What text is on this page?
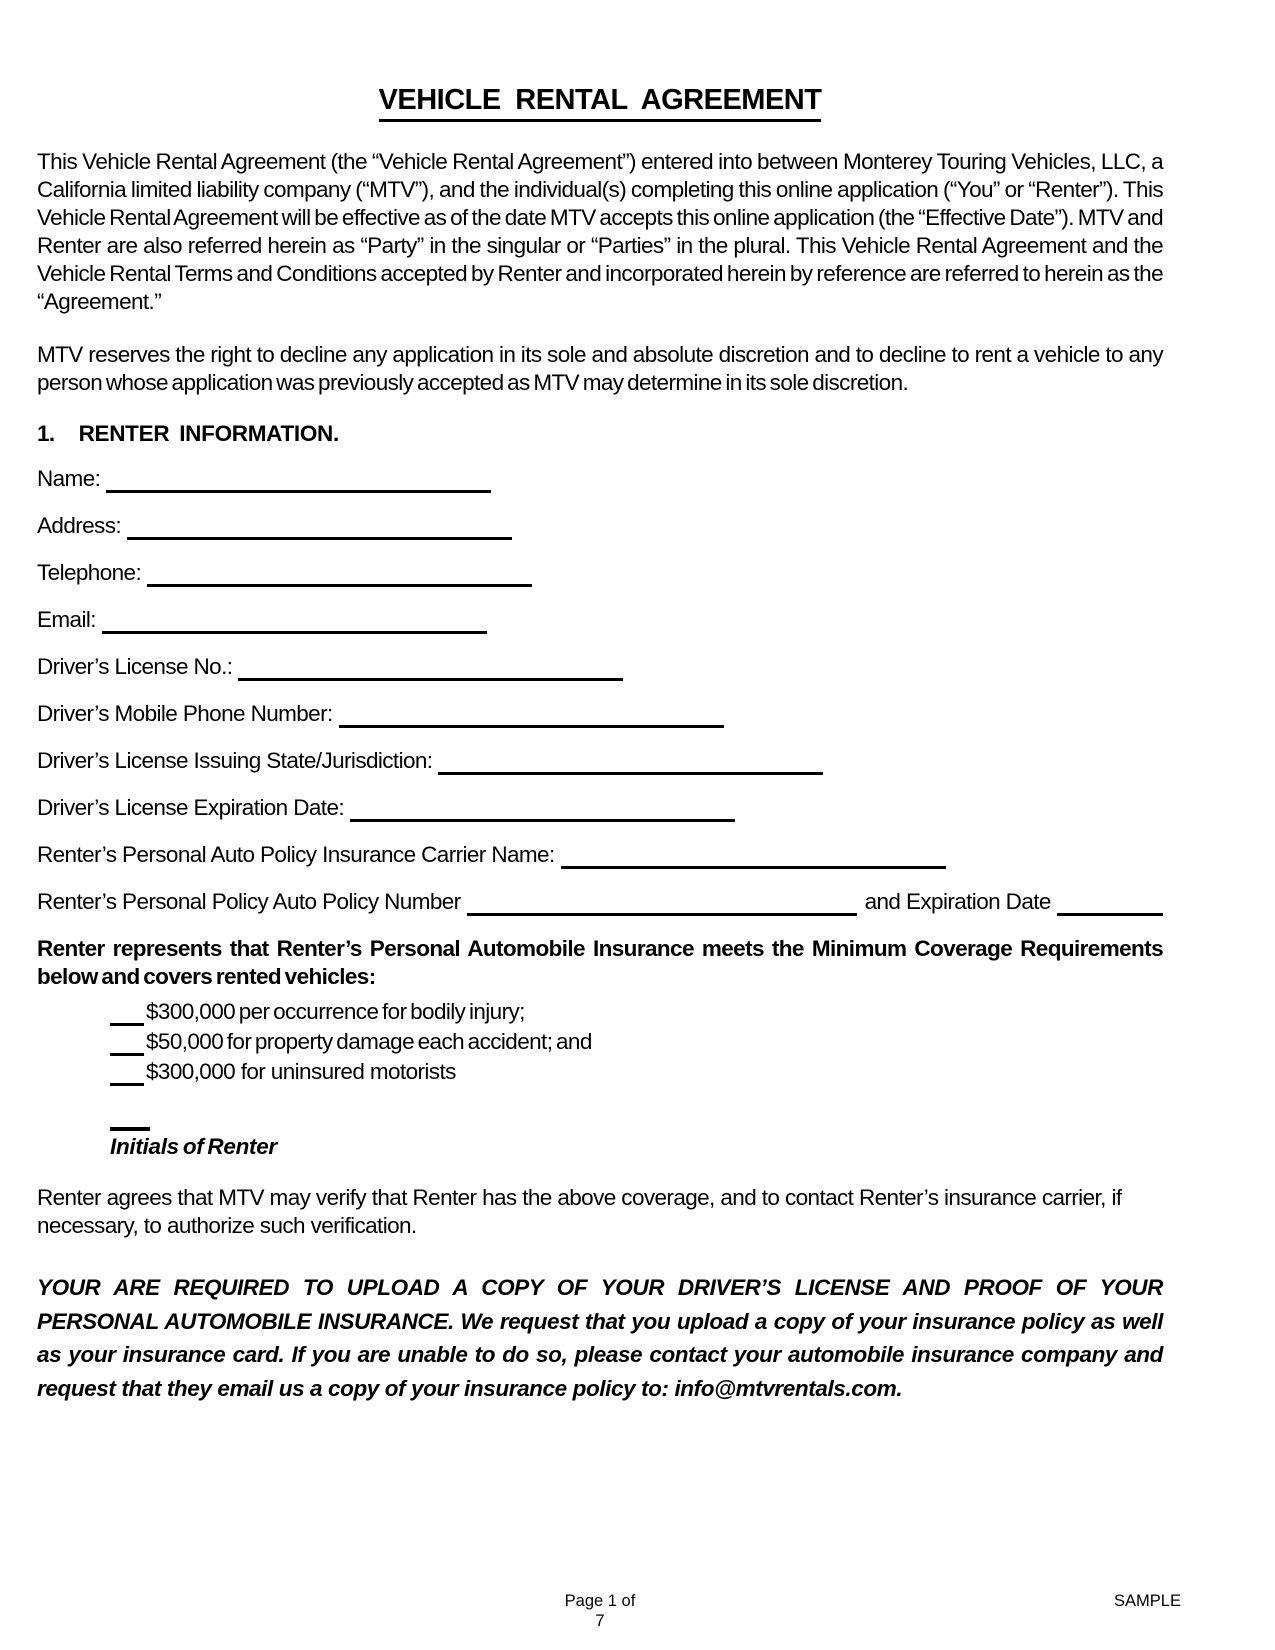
VEHICLE RENTAL AGREEMENT

This Vehicle Rental Agreement (the “Vehicle Rental Agreement”) entered into between Monterey Touring Vehicles, LLC, a California limited liability company (“MTV”), and the individual(s) completing this online application (“You” or “Renter”). This Vehicle Rental Agreement will be effective as of the date MTV accepts this online application (the “Effective Date”). MTV and Renter are also referred herein as “Party” in the singular or “Parties” in the plural. This Vehicle Rental Agreement and the Vehicle Rental Terms and Conditions accepted by Renter and incorporated herein by reference are referred to herein as the “Agreement.”

MTV reserves the right to decline any application in its sole and absolute discretion and to decline to rent a vehicle to any person whose application was previously accepted as MTV may determine in its sole discretion.

1. RENTER INFORMATION.
Name:
Address:
Telephone:
Email:
Driver’s License No.:
Driver’s Mobile Phone Number:
Driver’s License Issuing State/Jurisdiction:
Driver’s License Expiration Date:
Renter’s Personal Auto Policy Insurance Carrier Name:
Renter’s Personal Policy Auto Policy Number	and Expiration Date

Renter represents that Renter’s Personal Automobile Insurance meets the Minimum Coverage Requirements below and covers rented vehicles:

$300,000 per occurrence for bodily injury;
$50,000 for property damage each accident; and
$300,000 for uninsured motorists
Initials of Renter

Renter agrees that MTV may verify that Renter has the above coverage, and to contact Renter’s insurance carrier, if necessary, to authorize such verification.

YOUR ARE REQUIRED TO UPLOAD A COPY OF YOUR DRIVER’S LICENSE AND PROOF OF YOUR PERSONAL AUTOMOBILE INSURANCE. We request that you upload a copy of your insurance policy as well as your insurance card. If you are unable to do so, please contact your automobile insurance company and request that they email us a copy of your insurance policy to: info@mtvrentals.com.

Page 1 of
7
SAMPLE
